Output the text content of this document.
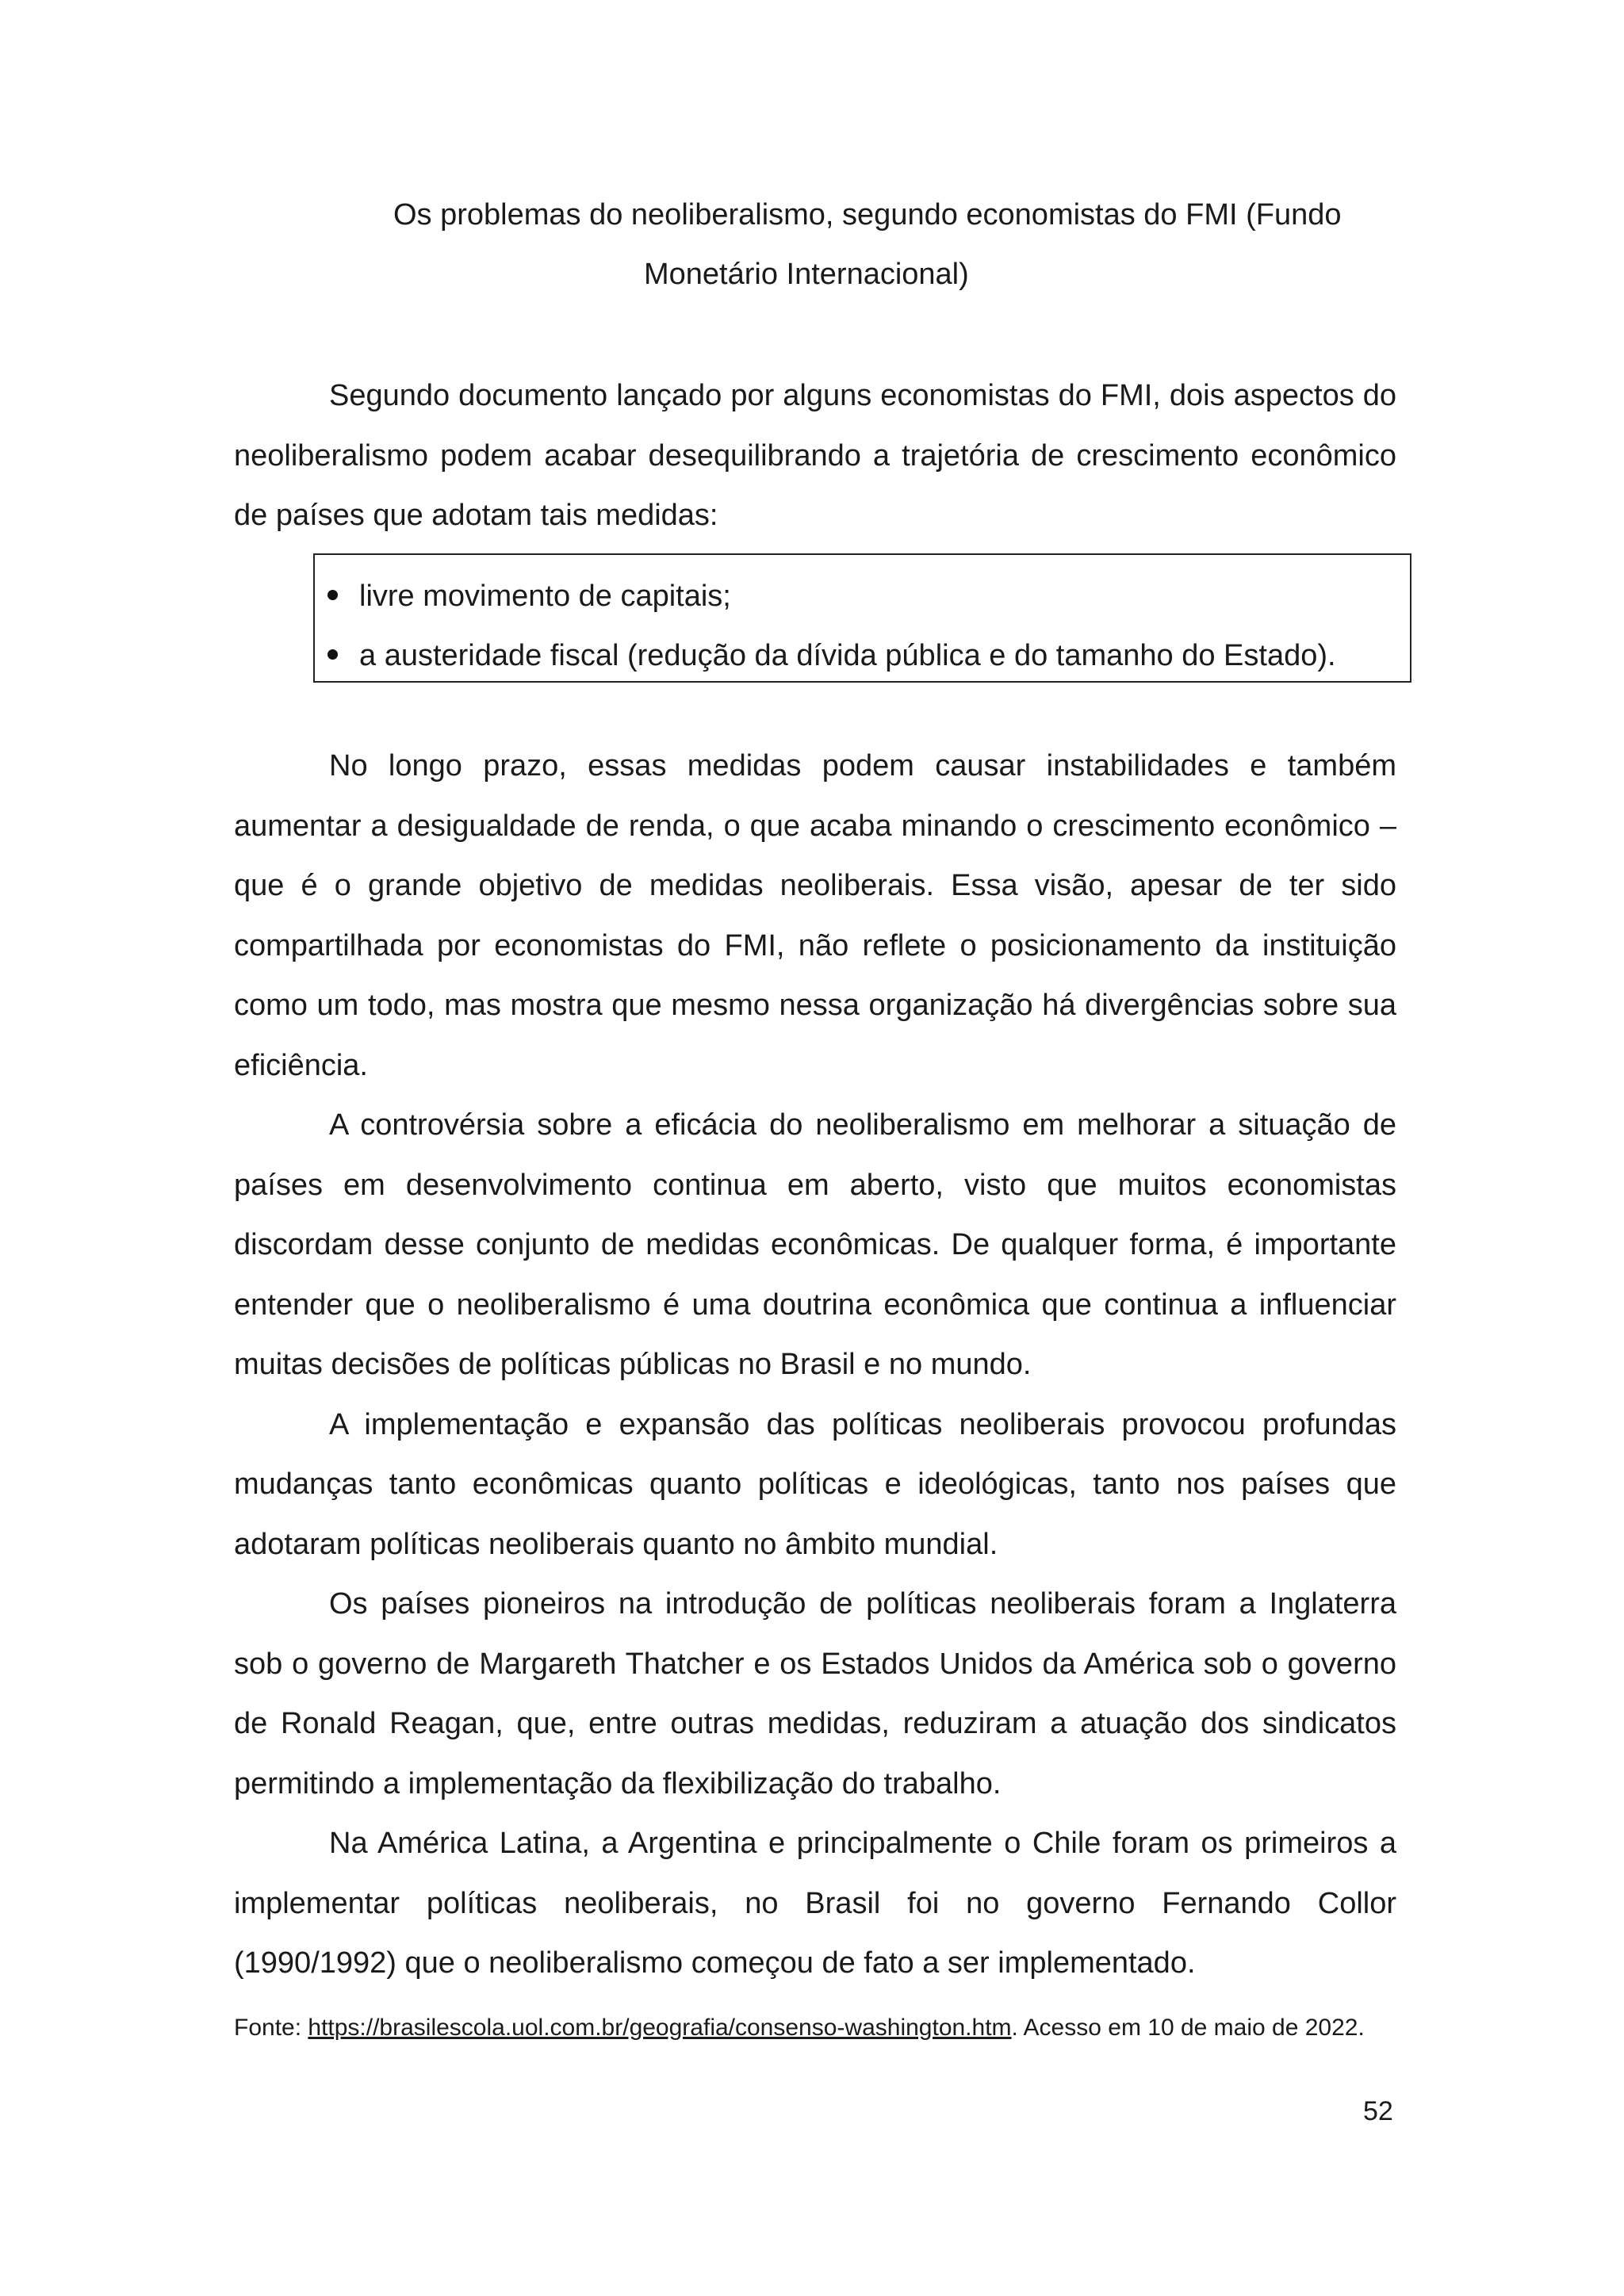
Os problemas do neoliberalismo, segundo economistas do FMI (Fundo
Monetário Internacional)

Segundo documento lançado por alguns economistas do FMI, dois aspectos do neoliberalismo podem acabar desequilibrando a trajetória de crescimento econômico de países que adotam tais medidas:

livre movimento de capitais;
a austeridade fiscal (redução da dívida pública e do tamanho do Estado).

No longo prazo, essas medidas podem causar instabilidades e também aumentar a desigualdade de renda, o que acaba minando o crescimento econômico – que é o grande objetivo de medidas neoliberais. Essa visão, apesar de ter sido compartilhada por economistas do FMI, não reflete o posicionamento da instituição como um todo, mas mostra que mesmo nessa organização há divergências sobre sua eficiência.

A controvérsia sobre a eficácia do neoliberalismo em melhorar a situação de países em desenvolvimento continua em aberto, visto que muitos economistas discordam desse conjunto de medidas econômicas. De qualquer forma, é importante entender que o neoliberalismo é uma doutrina econômica que continua a influenciar muitas decisões de políticas públicas no Brasil e no mundo.

A implementação e expansão das políticas neoliberais provocou profundas mudanças tanto econômicas quanto políticas e ideológicas, tanto nos países que adotaram políticas neoliberais quanto no âmbito mundial.

Os países pioneiros na introdução de políticas neoliberais foram a Inglaterra sob o governo de Margareth Thatcher e os Estados Unidos da América sob o governo de Ronald Reagan, que, entre outras medidas, reduziram a atuação dos sindicatos permitindo a implementação da flexibilização do trabalho.

Na América Latina, a Argentina e principalmente o Chile foram os primeiros a implementar políticas neoliberais, no Brasil foi no governo Fernando Collor (1990/1992) que o neoliberalismo começou de fato a ser implementado.

Fonte: https://brasilescola.uol.com.br/geografia/consenso-washington.htm. Acesso em 10 de maio de 2022.
52
